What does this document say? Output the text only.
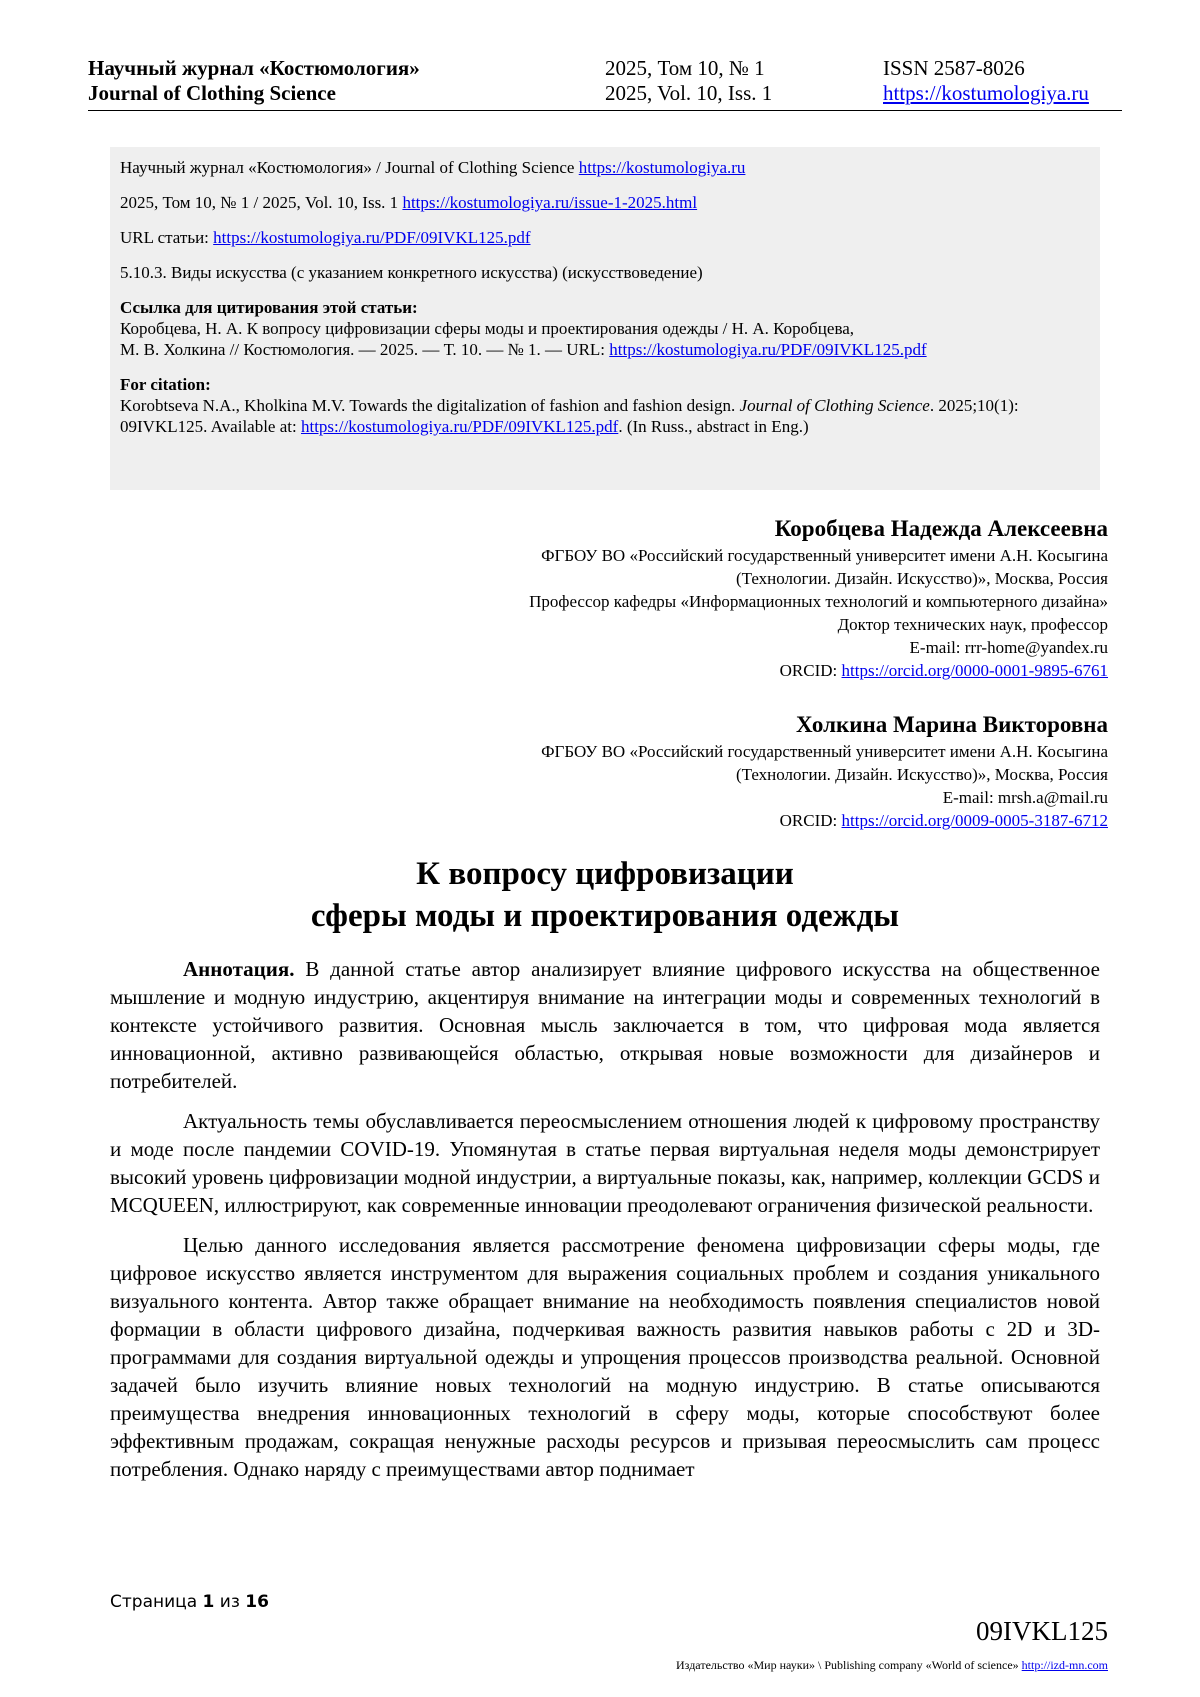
Научный журнал «Костюмология»
Journal of Clothing Science
2025, Том 10, № 1
2025, Vol. 10, Iss. 1
ISSN 2587-8026
https://kostumologiya.ru

Научный журнал «Костюмология» / Journal of Clothing Science https://kostumologiya.ru

2025, Том 10, № 1 / 2025, Vol. 10, Iss. 1 https://kostumologiya.ru/issue-1-2025.html

URL статьи: https://kostumologiya.ru/PDF/09IVKL125.pdf

5.10.3. Виды искусства (с указанием конкретного искусства) (искусствоведение)

Ссылка для цитирования этой статьи:
Коробцева, Н. А. К вопросу цифровизации сферы моды и проектирования одежды / Н. А. Коробцева,
М. В. Холкина // Костюмология. — 2025. — Т. 10. — № 1. — URL: https://kostumologiya.ru/PDF/09IVKL125.pdf
For citation:
Korobtseva N.A., Kholkina M.V. Towards the digitalization of fashion and fashion design. Journal of Clothing Science. 2025;10(1): 09IVKL125. Available at: https://kostumologiya.ru/PDF/09IVKL125.pdf. (In Russ., abstract in Eng.)
Коробцева Надежда Алексеевна
ФГБОУ ВО «Российский государственный университет имени А.Н. Косыгина
(Технологии. Дизайн. Искусство)», Москва, Россия
Профессор кафедры «Информационных технологий и компьютерного дизайна»
Доктор технических наук, профессор
E-mail: rrr-home@yandex.ru
ORCID: https://orcid.org/0000-0001-9895-6761
Холкина Марина Викторовна
ФГБОУ ВО «Российский государственный университет имени А.Н. Косыгина
(Технологии. Дизайн. Искусство)», Москва, Россия
E-mail: mrsh.a@mail.ru
ORCID: https://orcid.org/0009-0005-3187-6712
К вопросу цифровизации
сферы моды и проектирования одежды

Аннотация. В данной статье автор анализирует влияние цифрового искусства на общественное мышление и модную индустрию, акцентируя внимание на интеграции моды и современных технологий в контексте устойчивого развития. Основная мысль заключается в том, что цифровая мода является инновационной, активно развивающейся областью, открывая новые возможности для дизайнеров и потребителей.

Актуальность темы обуславливается переосмыслением отношения людей к цифровому пространству и моде после пандемии COVID-19. Упомянутая в статье первая виртуальная неделя моды демонстрирует высокий уровень цифровизации модной индустрии, а виртуальные показы, как, например, коллекции GCDS и MCQUEEN, иллюстрируют, как современные инновации преодолевают ограничения физической реальности.

Целью данного исследования является рассмотрение феномена цифровизации сферы моды, где цифровое искусство является инструментом для выражения социальных проблем и создания уникального визуального контента. Автор также обращает внимание на необходимость появления специалистов новой формации в области цифрового дизайна, подчеркивая важность развития навыков работы с 2D и 3D-программами для создания виртуальной одежды и упрощения процессов производства реальной. Основной задачей было изучить влияние новых технологий на модную индустрию. В статье описываются преимущества внедрения инновационных технологий в сферу моды, которые способствуют более эффективным продажам, сокращая ненужные расходы ресурсов и призывая переосмыслить сам процесс потребления. Однако наряду с преимуществами автор поднимает

Страница 1 из 16
09IVKL125
Издательство «Мир науки» \ Publishing company «World of science» http://izd-mn.com
